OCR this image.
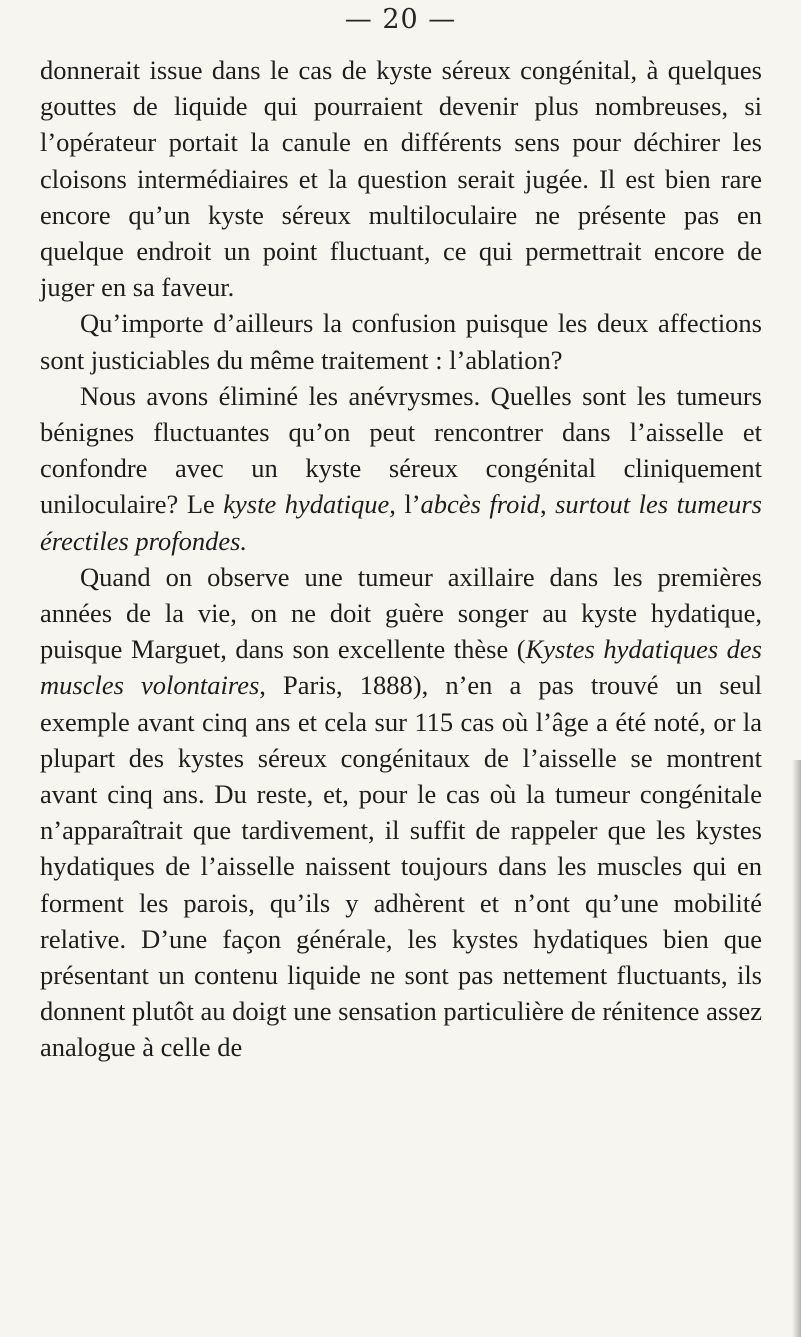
— 20 —

donnerait issue dans le cas de kyste séreux congénital, à quelques gouttes de liquide qui pourraient devenir plus nombreuses, si l’opérateur portait la canule en différents sens pour déchirer les cloisons intermédiaires et la question serait jugée. Il est bien rare encore qu’un kyste séreux multiloculaire ne présente pas en quelque endroit un point fluctuant, ce qui permettrait encore de juger en sa faveur.

Qu’importe d’ailleurs la confusion puisque les deux affections sont justiciables du même traitement : l’ablation?

Nous avons éliminé les anévrysmes. Quelles sont les tumeurs bénignes fluctuantes qu’on peut rencontrer dans l’aisselle et confondre avec un kyste séreux congénital cliniquement uniloculaire? Le kyste hydatique, l’abcès froid, surtout les tumeurs érectiles profondes.

Quand on observe une tumeur axillaire dans les premières années de la vie, on ne doit guère songer au kyste hydatique, puisque Marguet, dans son excellente thèse (Kystes hydatiques des muscles volontaires, Paris, 1888), n’en a pas trouvé un seul exemple avant cinq ans et cela sur 115 cas où l’âge a été noté, or la plupart des kystes séreux congénitaux de l’aisselle se montrent avant cinq ans. Du reste, et, pour le cas où la tumeur congénitale n’apparaîtrait que tardivement, il suffit de rappeler que les kystes hydatiques de l’aisselle naissent toujours dans les muscles qui en forment les parois, qu’ils y adhèrent et n’ont qu’une mobilité relative. D’une façon générale, les kystes hydatiques bien que présentant un contenu liquide ne sont pas nettement fluctuants, ils donnent plutôt au doigt une sensation particulière de rénitence assez analogue à celle de
